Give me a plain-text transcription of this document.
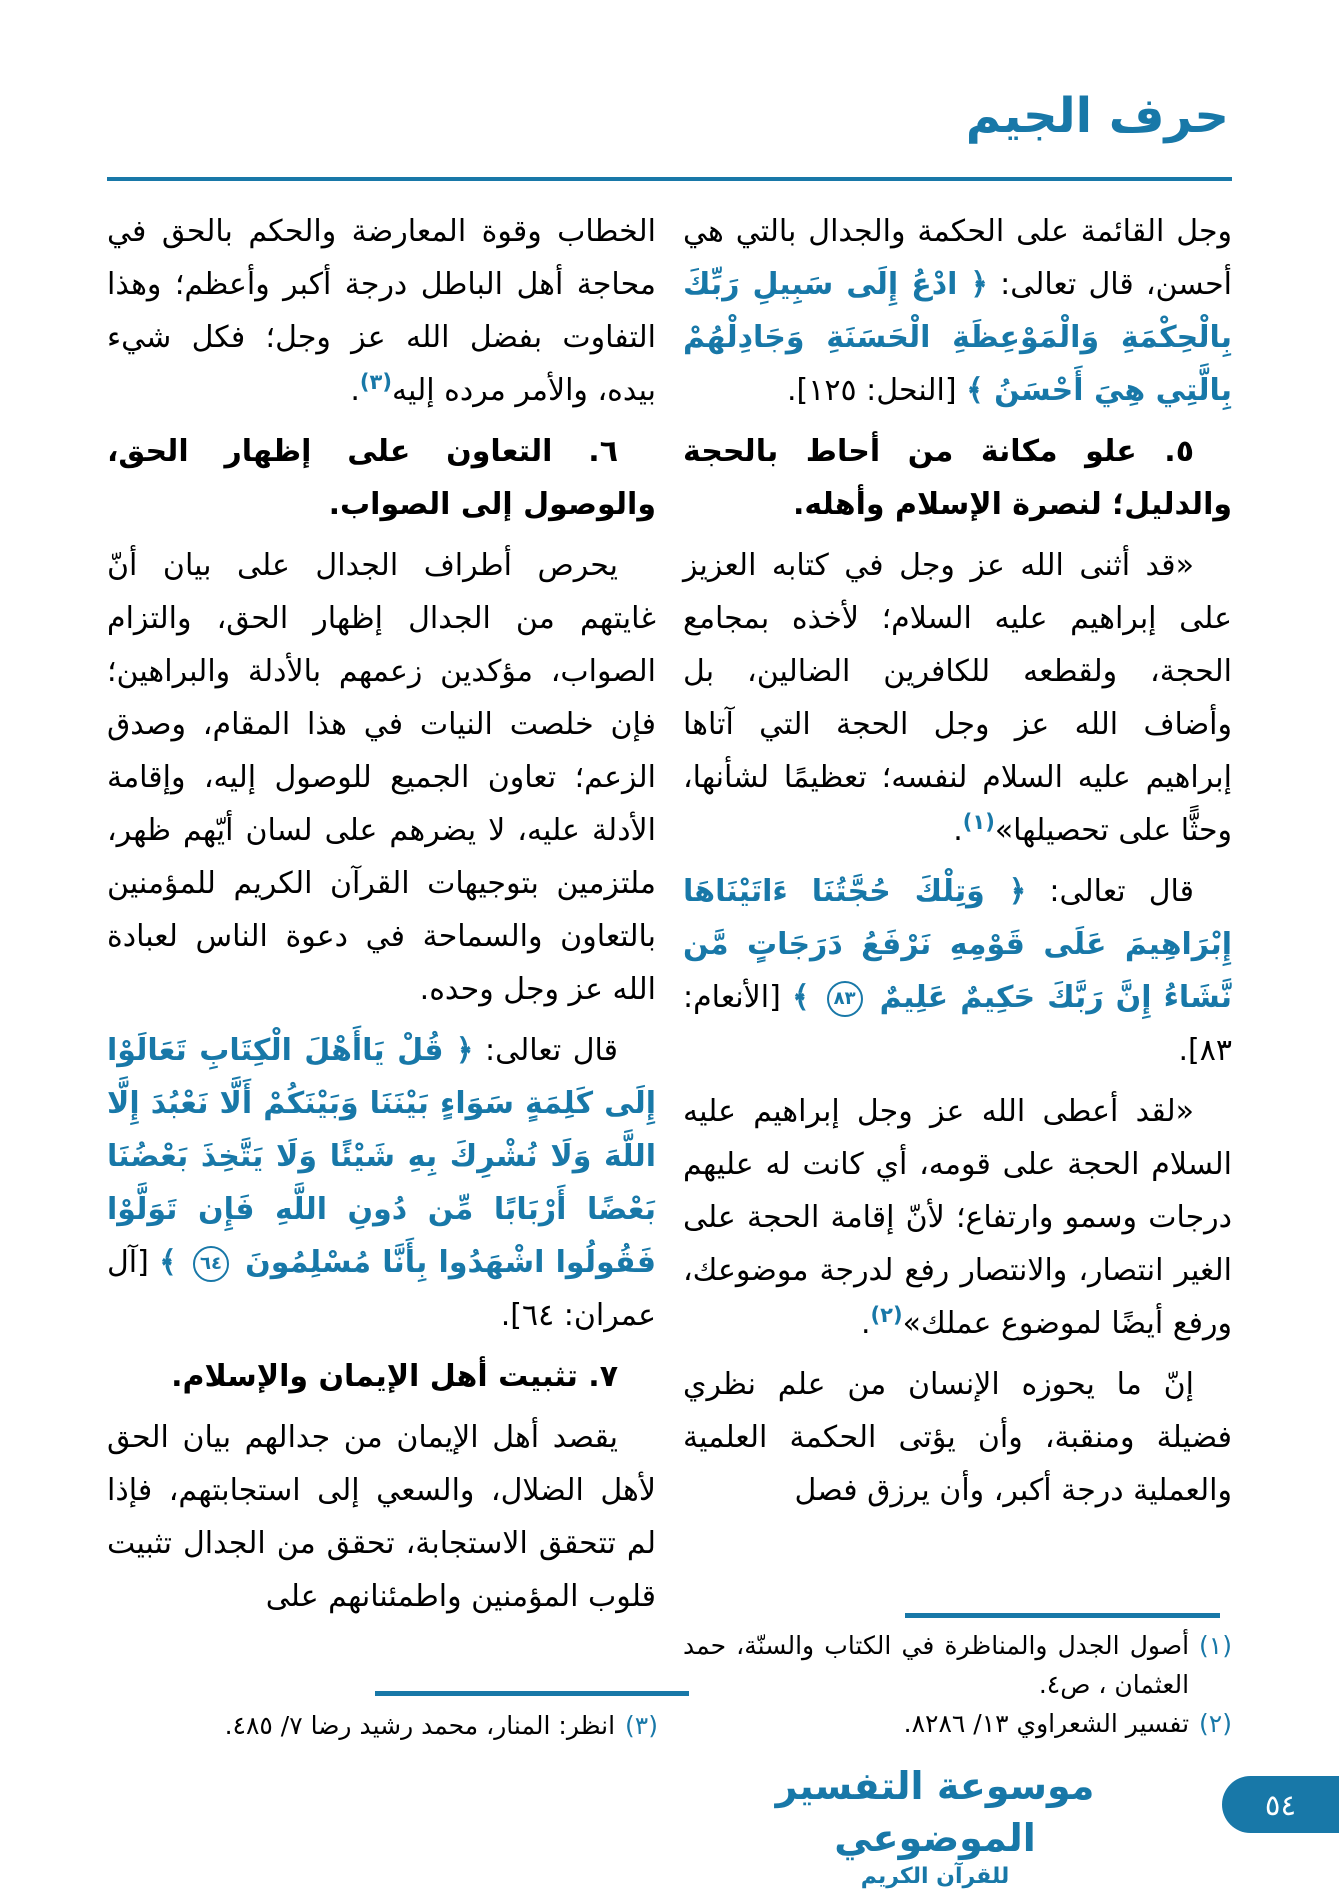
حرف الجيم

وجل القائمة على الحكمة والجدال بالتي هي أحسن، قال تعالى: ﴿ ادْعُ إِلَى سَبِيلِ رَبِّكَ بِالْحِكْمَةِ وَالْمَوْعِظَةِ الْحَسَنَةِ وَجَادِلْهُمْ بِالَّتِي هِيَ أَحْسَنُ ﴾ [النحل: ١٢٥].

٥. علو مكانة من أحاط بالحجة والدليل؛ لنصرة الإسلام وأهله.

«قد أثنى الله عز وجل في كتابه العزيز على إبراهيم عليه السلام؛ لأخذه بمجامع الحجة، ولقطعه للكافرين الضالين، بل وأضاف الله عز وجل الحجة التي آتاها إبراهيم عليه السلام لنفسه؛ تعظيمًا لشأنها، وحثًّا على تحصيلها»$^{(١)}$.

قال تعالى: ﴿ وَتِلْكَ حُجَّتُنَا ءَاتَيْنَاهَا إِبْرَاهِيمَ عَلَى قَوْمِهِ نَرْفَعُ دَرَجَاتٍ مَّن نَّشَاءُ إِنَّ رَبَّكَ حَكِيمٌ عَلِيمٌ ٨٣ ﴾ [الأنعام: ٨٣].

«لقد أعطى الله عز وجل إبراهيم عليه السلام الحجة على قومه، أي كانت له عليهم درجات وسمو وارتفاع؛ لأنّ إقامة الحجة على الغير انتصار، والانتصار رفع لدرجة موضوعك، ورفع أيضًا لموضوع عملك»$^{(٢)}$.

إنّ ما يحوزه الإنسان من علم نظري فضيلة ومنقبة، وأن يؤتى الحكمة العلمية والعملية درجة أكبر، وأن يرزق فصل

الخطاب وقوة المعارضة والحكم بالحق في محاجة أهل الباطل درجة أكبر وأعظم؛ وهذا التفاوت بفضل الله عز وجل؛ فكل شيء بيده، والأمر مرده إليه$^{(٣)}$.

٦. التعاون على إظهار الحق، والوصول إلى الصواب.

يحرص أطراف الجدال على بيان أنّ غايتهم من الجدال إظهار الحق، والتزام الصواب، مؤكدين زعمهم بالأدلة والبراهين؛ فإن خلصت النيات في هذا المقام، وصدق الزعم؛ تعاون الجميع للوصول إليه، وإقامة الأدلة عليه، لا يضرهم على لسان أيّهم ظهر، ملتزمين بتوجيهات القرآن الكريم للمؤمنين بالتعاون والسماحة في دعوة الناس لعبادة الله عز وجل وحده.

قال تعالى: ﴿ قُلْ يَاأَهْلَ الْكِتَابِ تَعَالَوْا إِلَى كَلِمَةٍ سَوَاءٍ بَيْنَنَا وَبَيْنَكُمْ أَلَّا نَعْبُدَ إِلَّا اللَّهَ وَلَا نُشْرِكَ بِهِ شَيْئًا وَلَا يَتَّخِذَ بَعْضُنَا بَعْضًا أَرْبَابًا مِّن دُونِ اللَّهِ فَإِن تَوَلَّوْا فَقُولُوا اشْهَدُوا بِأَنَّا مُسْلِمُونَ ٦٤ ﴾ [آل عمران: ٦٤].

٧. تثبيت أهل الإيمان والإسلام.

يقصد أهل الإيمان من جدالهم بيان الحق لأهل الضلال، والسعي إلى استجابتهم، فإذا لم تتحقق الاستجابة، تحقق من الجدال تثبيت قلوب المؤمنين واطمئنانهم على

(١)
أصول الجدل والمناظرة في الكتاب والسنّة، حمد العثمان ، ص٤.
(٢)
تفسير الشعراوي ١٣/ ٨٢٨٦.
(٣)
انظر: المنار، محمد رشيد رضا ٧/ ٤٨٥.
موسوعة التفسير الموضوعي
للقرآن الكريم
٥٤
